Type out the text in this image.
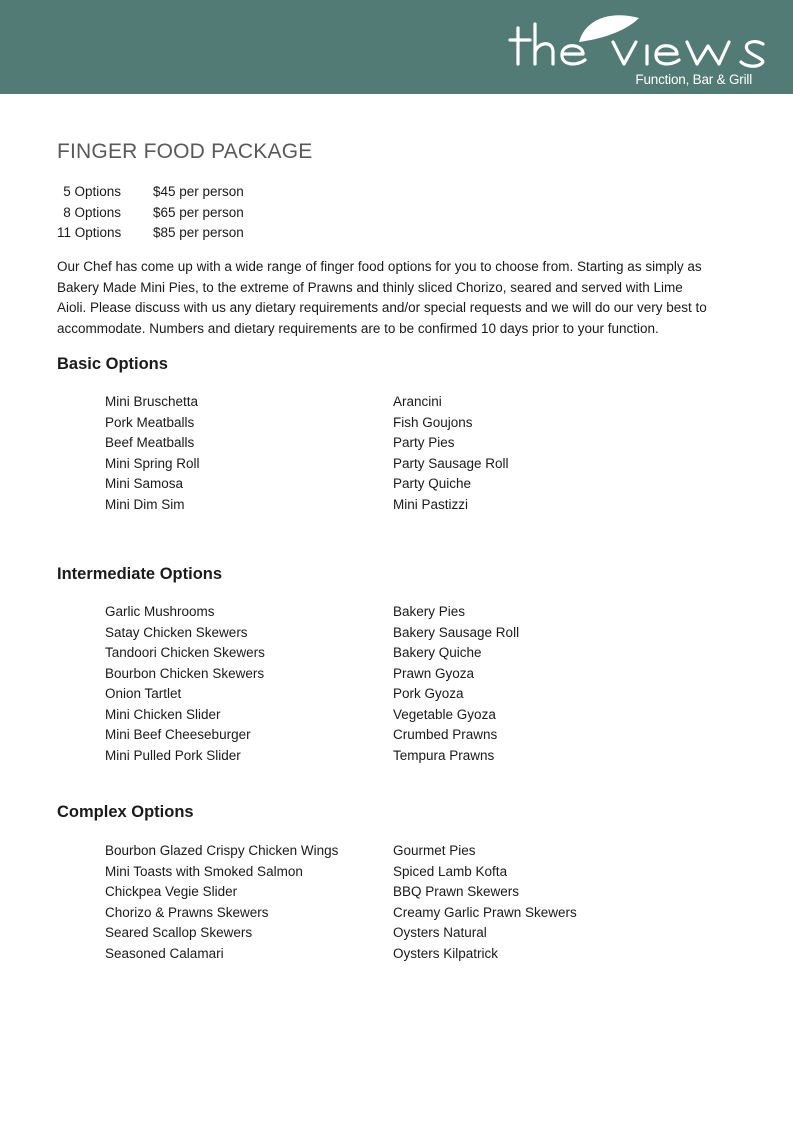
Function, Bar & Grill
FINGER FOOD PACKAGE
5 Options $45 per person
8 Options $65 per person
11 Options $85 per person

Our Chef has come up with a wide range of finger food options for you to choose from. Starting as simply as Bakery Made Mini Pies, to the extreme of Prawns and thinly sliced Chorizo, seared and served with Lime Aioli. Please discuss with us any dietary requirements and/or special requests and we will do our very best to accommodate. Numbers and dietary requirements are to be confirmed 10 days prior to your function.

Basic Options
Mini Bruschetta
Pork Meatballs
Beef Meatballs
Mini Spring Roll
Mini Samosa
Mini Dim Sim
Arancini
Fish Goujons
Party Pies
Party Sausage Roll
Party Quiche
Mini Pastizzi
Intermediate Options
Garlic Mushrooms
Satay Chicken Skewers
Tandoori Chicken Skewers
Bourbon Chicken Skewers
Onion Tartlet
Mini Chicken Slider
Mini Beef Cheeseburger
Mini Pulled Pork Slider
Bakery Pies
Bakery Sausage Roll
Bakery Quiche
Prawn Gyoza
Pork Gyoza
Vegetable Gyoza
Crumbed Prawns
Tempura Prawns
Complex Options
Bourbon Glazed Crispy Chicken Wings
Mini Toasts with Smoked Salmon
Chickpea Vegie Slider
Chorizo & Prawns Skewers
Seared Scallop Skewers
Seasoned Calamari
Gourmet Pies
Spiced Lamb Kofta
BBQ Prawn Skewers
Creamy Garlic Prawn Skewers
Oysters Natural
Oysters Kilpatrick
